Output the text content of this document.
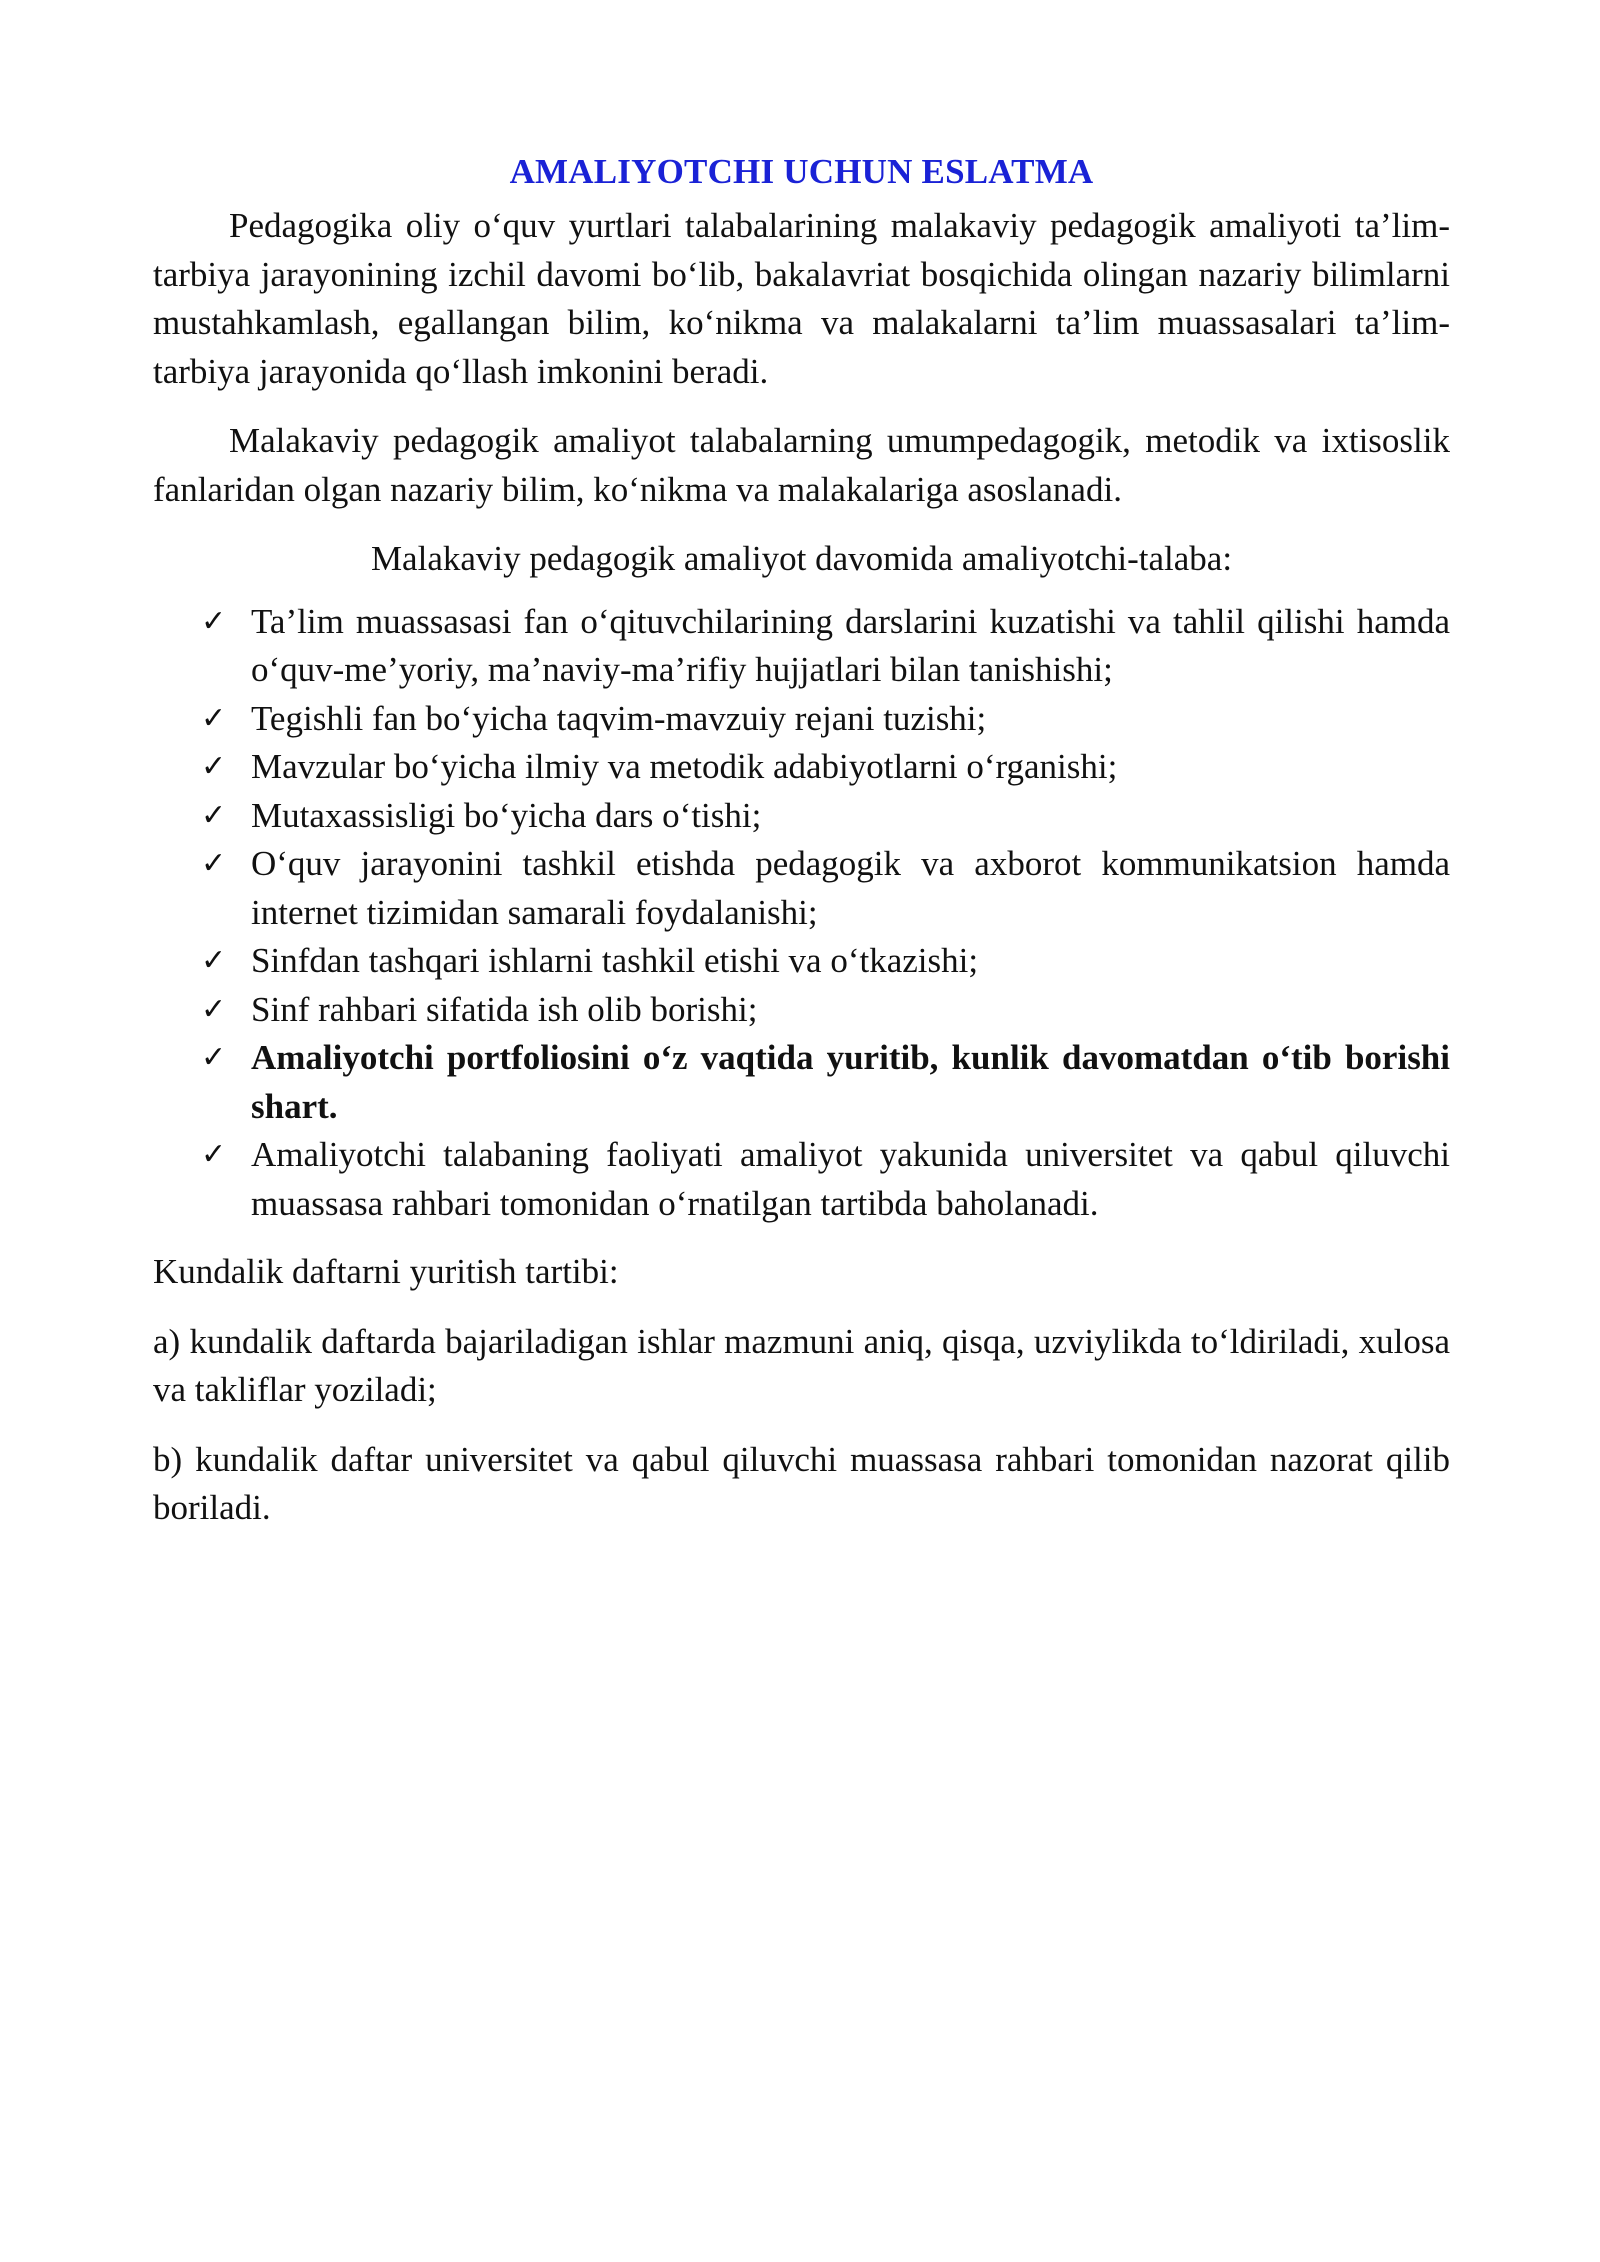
AMALIYOTCHI UCHUN ESLATMA

Pedagogika oliy o‘quv yurtlari talabalarining malakaviy pedagogik amaliyoti ta’lim-tarbiya jarayonining izchil davomi bo‘lib, bakalavriat bosqichida olingan nazariy bilimlarni mustahkamlash, egallangan bilim, ko‘nikma va malakalarni ta’lim muassasalari ta’lim-tarbiya jarayonida qo‘llash imkonini beradi.

Malakaviy pedagogik amaliyot talabalarning umumpedagogik, metodik va ixtisoslik fanlaridan olgan nazariy bilim, ko‘nikma va malakalariga asoslanadi.

Malakaviy pedagogik amaliyot davomida amaliyotchi-talaba:

✓ Ta’lim muassasasi fan o‘qituvchilarining darslarini kuzatishi va tahlil qilishi hamda o‘quv-me’yoriy, ma’naviy-ma’rifiy hujjatlari bilan tanishishi;
✓ Tegishli fan bo‘yicha taqvim-mavzuiy rejani tuzishi;
✓ Mavzular bo‘yicha ilmiy va metodik adabiyotlarni o‘rganishi;
✓ Mutaxassisligi bo‘yicha dars o‘tishi;
✓ O‘quv jarayonini tashkil etishda pedagogik va axborot kommunikatsion hamda internet tizimidan samarali foydalanishi;
✓ Sinfdan tashqari ishlarni tashkil etishi va o‘tkazishi;
✓ Sinf rahbari sifatida ish olib borishi;
✓ Amaliyotchi portfoliosini o‘z vaqtida yuritib, kunlik davomatdan o‘tib borishi shart.
✓ Amaliyotchi talabaning faoliyati amaliyot yakunida universitet va qabul qiluvchi muassasa rahbari tomonidan o‘rnatilgan tartibda baholanadi.

Kundalik daftarni yuritish tartibi:

a) kundalik daftarda bajariladigan ishlar mazmuni aniq, qisqa, uzviylikda to‘ldiriladi, xulosa va takliflar yoziladi;

b) kundalik daftar universitet va qabul qiluvchi muassasa rahbari tomonidan nazorat qilib boriladi.
